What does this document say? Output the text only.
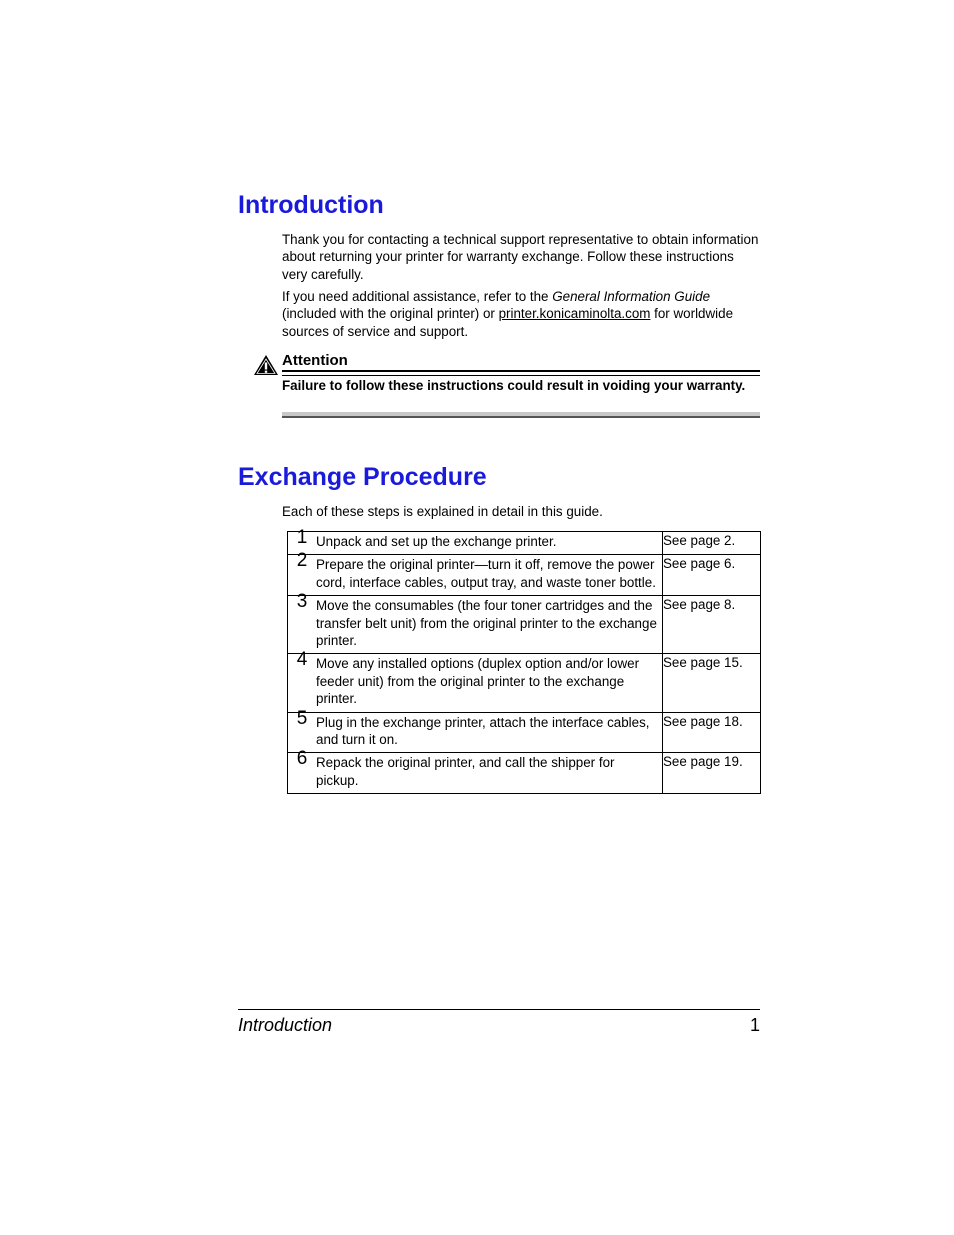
Introduction

Thank you for contacting a technical support representative to obtain information about returning your printer for warranty exchange. Follow these instructions very carefully.

If you need additional assistance, refer to the General Information Guide (included with the original printer) or printer.konicaminolta.com for worldwide sources of service and support.

Attention

Failure to follow these instructions could result in voiding your warranty.

Exchange Procedure

Each of these steps is explained in detail in this guide.

1 Unpack and set up the exchange printer.	See page 2.

2 Prepare the original printer—turn it off, remove the power cord, interface cables, output tray, and waste toner bottle.	See page 6.

3 Move the consumables (the four toner cartridges and the transfer belt unit) from the original printer to the exchange printer.	See page 8.

4 Move any installed options (duplex option and/or lower feeder unit) from the original printer to the exchange printer.	See page 15.

5 Plug in the exchange printer, attach the interface cables, and turn it on.	See page 18.

6 Repack the original printer, and call the shipper for pickup.	See page 19.

Introduction	1
